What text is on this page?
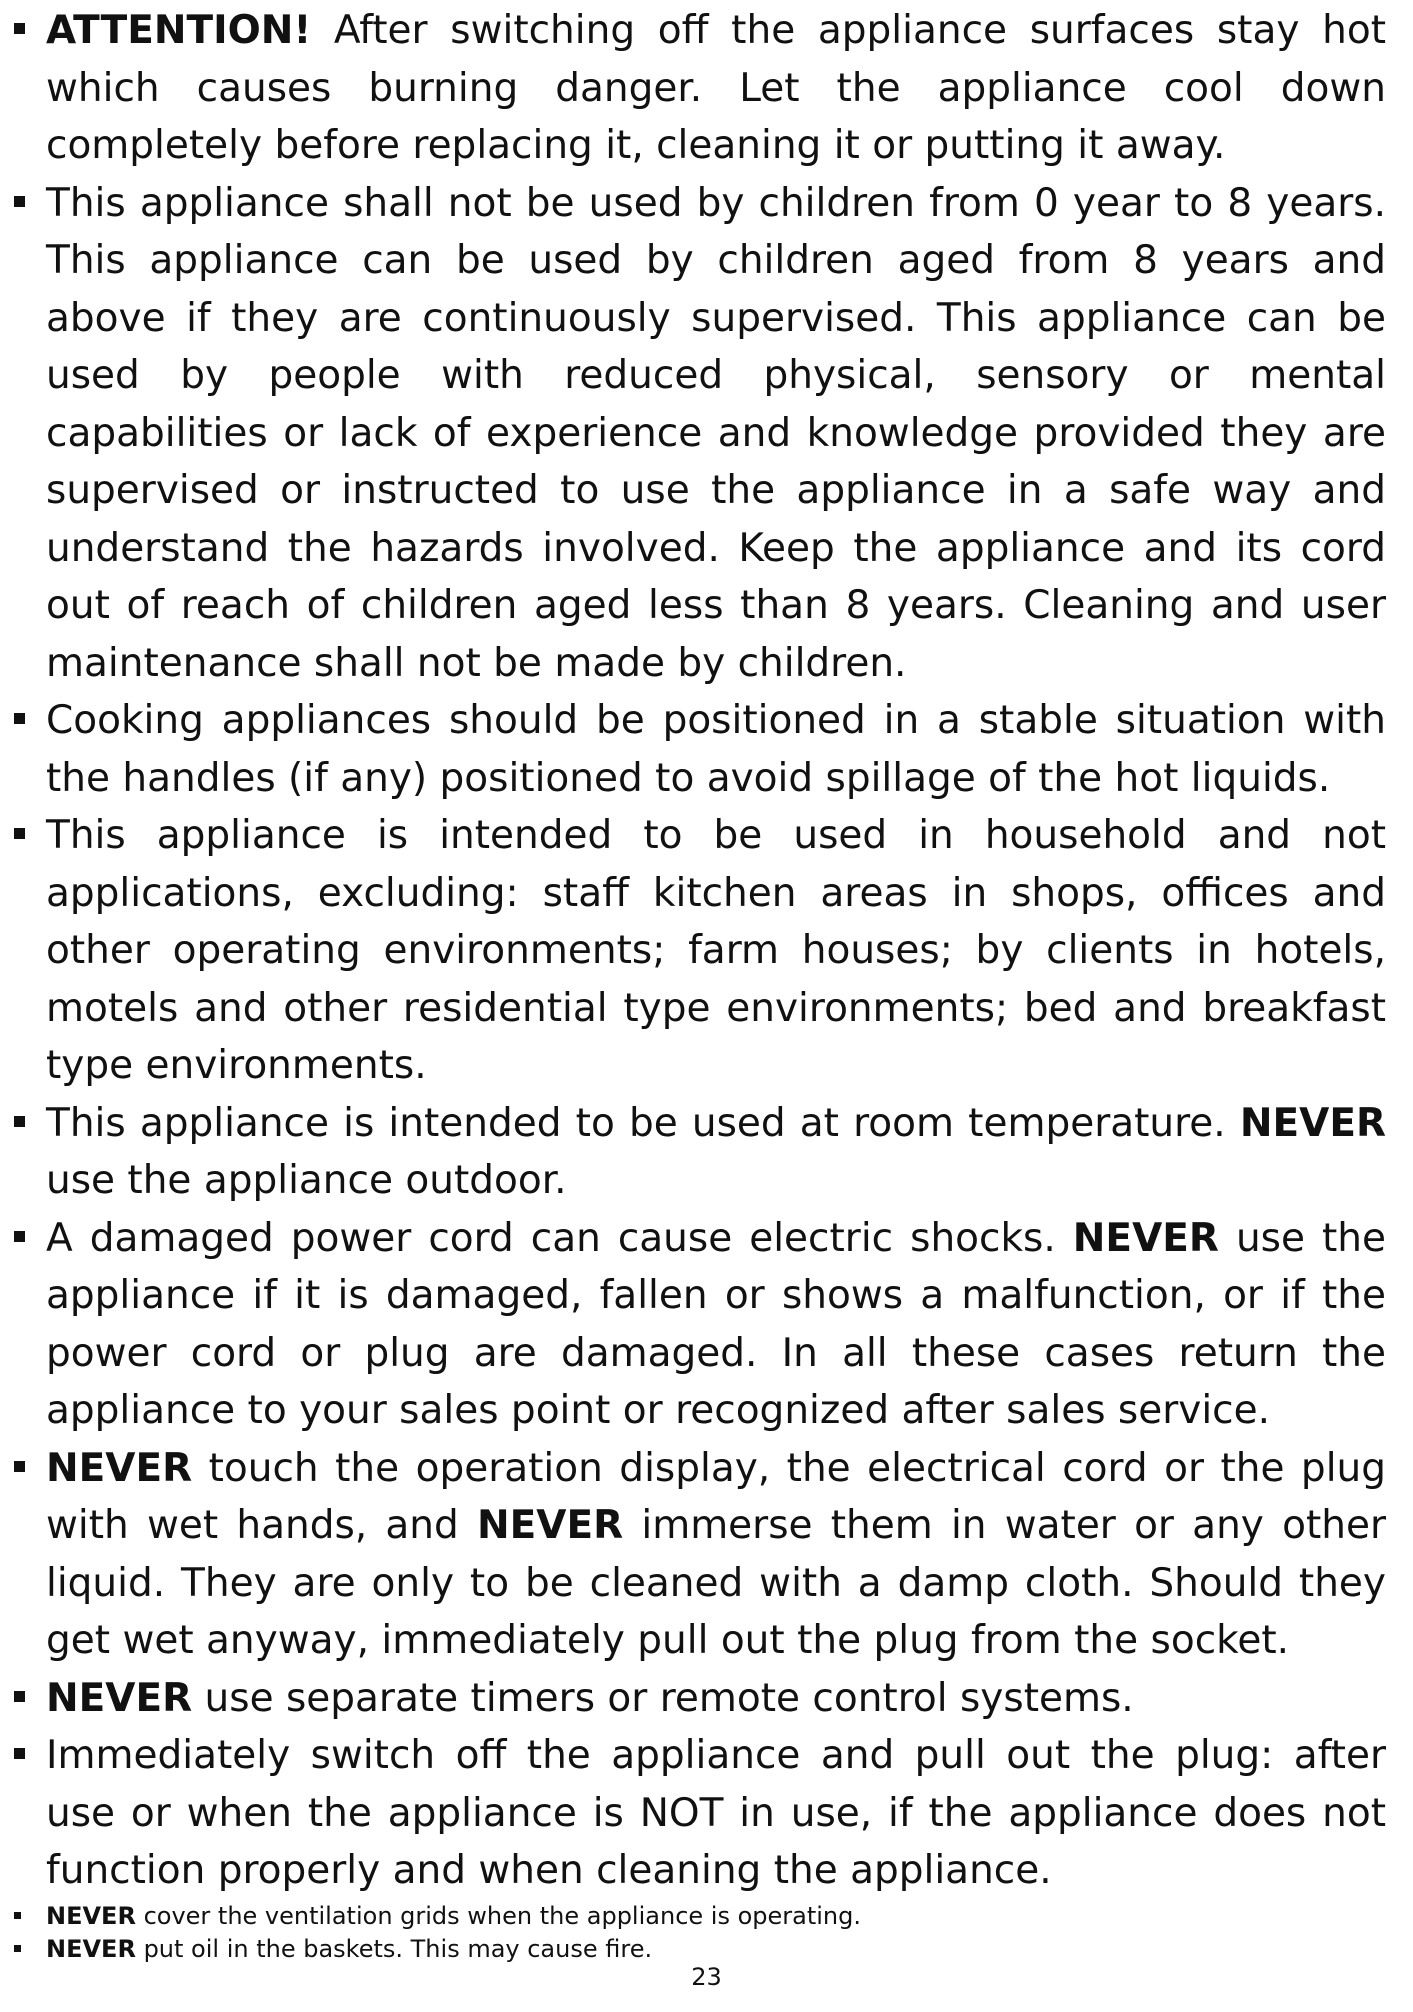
ATTENTION! After switching off the appliance surfaces stay hot which causes burning danger. Let the appliance cool down completely before replacing it, cleaning it or putting it away.
This appliance shall not be used by children from 0 year to 8 years. This appliance can be used by children aged from 8 years and above if they are continuously supervised. This appliance can be used by people with reduced physical, sensory or mental capabilities or lack of experience and knowledge provided they are supervised or instructed to use the appliance in a safe way and understand the hazards involved. Keep the appliance and its cord out of reach of children aged less than 8 years. Cleaning and user maintenance shall not be made by children.
Cooking appliances should be positioned in a stable situation with the handles (if any) positioned to avoid spillage of the hot liquids.
This appliance is intended to be used in household and not applications, excluding: staff kitchen areas in shops, offices and other operating environments; farm houses; by clients in hotels, motels and other residential type environments; bed and breakfast type environments.
This appliance is intended to be used at room temperature. NEVER use the appliance outdoor.
A damaged power cord can cause electric shocks. NEVER use the appliance if it is damaged, fallen or shows a malfunction, or if the power cord or plug are damaged. In all these cases return the appliance to your sales point or recognized after sales service.
NEVER touch the operation display, the electrical cord or the plug with wet hands, and NEVER immerse them in water or any other liquid. They are only to be cleaned with a damp cloth. Should they get wet anyway, immediately pull out the plug from the socket.
NEVER use separate timers or remote control systems.
Immediately switch off the appliance and pull out the plug: after use or when the appliance is NOT in use, if the appliance does not function properly and when cleaning the appliance.
NEVER cover the ventilation grids when the appliance is operating.
NEVER put oil in the baskets. This may cause fire.
23
